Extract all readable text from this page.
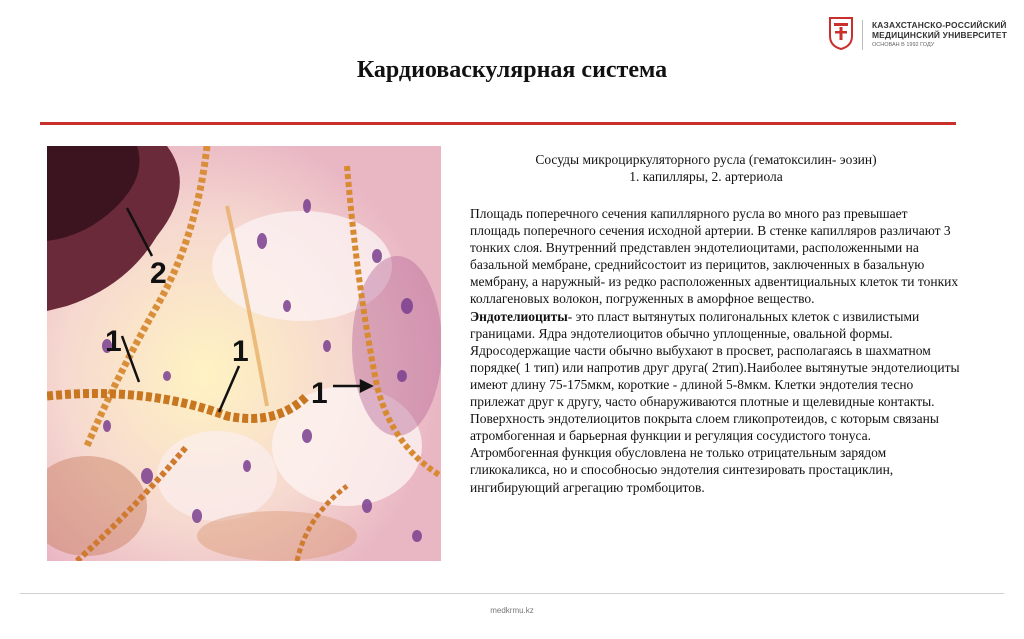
КАЗАХСТАНСКО-РОССИЙСКИЙ
МЕДИЦИНСКИЙ УНИВЕРСИТЕТ
ОСНОВАН В 1992 ГОДУ
Кардиоваскулярная система
2
1	1
1
Сосуды микроциркуляторного русла (гематоксилин- эозин)
1. капилляры, 2. артериола

Площадь поперечного сечения капиллярного русла во много раз превышает площадь поперечного сечения исходной артерии. В стенке капилляров различают 3 тонких слоя. Внутренний представлен эндотелиоцитами, расположенными на базальной мембране, среднийсостоит из перицитов, заключенных в базальную мембрану, а наружный- из редко расположенных адвентициальных клеток ти тонких коллагеновых волокон, погруженных в аморфное вещество.

Эндотелиоциты- это пласт вытянутых полигональных клеток с извилистыми границами. Ядра эндотелиоцитов обычно уплощенные, овальной формы. Ядросодержащие части обычно выбухают в просвет, располагаясь в шахматном порядке( 1 тип) или напротив друг друга( 2тип).Наиболее вытянутые эндотелиоциты имеют длину 75-175мкм, короткие - длиной 5-8мкм. Клетки эндотелия тесно прилежат друг к другу, часто обнаруживаются плотные и щелевидные контакты. Поверхность эндотелиоцитов покрыта слоем гликопротеидов, с которым связаны атромбогенная и барьерная функции и регуляция сосудистого тонуса. Атромбогенная функция обусловлена не только отрицательным зарядом гликокаликса, но и способносью эндотелия синтезировать простациклин, ингибирующий агрегацию тромбоцитов.

medkrmu.kz
